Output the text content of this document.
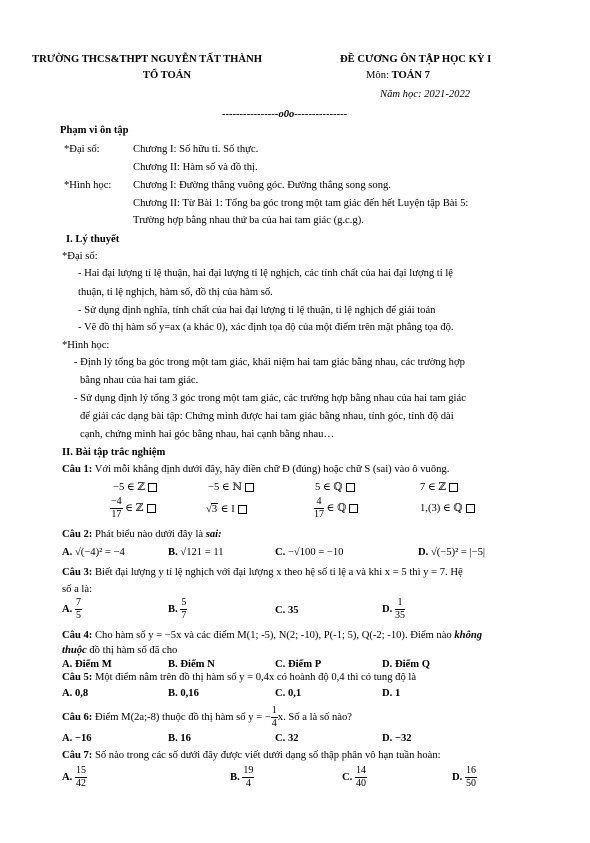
TRƯỜNG THCS&THPT NGUYỄN TẤT THÀNH
TỔ TOÁN
ĐỀ CƯƠNG ÔN TẬP HỌC KỲ I
Môn: TOÁN 7
Năm học: 2021-2022
----------------o0o---------------
Phạm vi ôn tập
*Đại số:	Chương I: Số hữu tỉ. Số thực.
Chương II: Hàm số và đồ thị.
*Hình học: Chương I: Đường thẳng vuông góc. Đường thẳng song song.
Chương II: Từ Bài 1: Tổng ba góc trong một tam giác đến hết Luyện tập Bài 5:
Trường hợp bằng nhau thứ ba của hai tam giác (g.c.g).
I. Lý thuyết
*Đại số:
- Hai đại lượng tỉ lệ thuận, hai đại lượng tỉ lệ nghịch, các tính chất của hai đại lượng tỉ lệ
thuận, tỉ lệ nghịch, hàm số, đồ thị của hàm số.
- Sử dụng định nghĩa, tính chất của hai đại lượng tỉ lệ thuận, tỉ lệ nghịch để giải toán
- Vẽ đồ thị hàm số y=ax (a khác 0), xác định tọa độ của một điểm trên mặt phẳng tọa độ.
*Hình học:
- Định lý tổng ba góc trong một tam giác, khái niệm hai tam giác bằng nhau, các trường hợp
bằng nhau của hai tam giác.
- Sử dụng định lý tổng 3 góc trong một tam giác, các trường hợp bằng nhau của hai tam giác
để giải các dạng bài tập: Chứng minh được hai tam giác bằng nhau, tính góc, tính độ dài
cạnh, chứng minh hai góc bằng nhau, hai cạnh bằng nhau…
II. Bài tập trắc nghiệm
Câu 1: Với mỗi khẳng định dưới đây, hãy điền chữ Đ (đúng) hoặc chữ S (sai) vào ô vuông.
−5 ∈ ℤ	−5 ∈ ℕ	5 ∈ ℚ	7 ∈ ℤ
$\frac{-4}{17}$ ∈ ℤ	√3 ∈ I	$\frac{4}{17}$ ∈ ℚ	1,(3) ∈ ℚ
Câu 2: Phát biểu nào dưới đây là sai:
A. √(−4)² = −4	B. √121 = 11	C. −√100 = −10	D. √(−5)² = |−5|
Câu 3: Biết đại lượng y tỉ lệ nghịch với đại lượng x theo hệ số tỉ lệ a và khi x = 5 thì y = 7. Hệ
số a là:
A. $\frac{7}{5}$	B. $\frac{5}{7}$	C. 35	D. $\frac{1}{35}$
Câu 4: Cho hàm số y = −5x và các điểm M(1; -5), N(2; -10), P(-1; 5), Q(-2; -10). Điểm nào không
thuộc đồ thị hàm số đã cho
A. Điểm M	B. Điểm N	C. Điểm P	D. Điểm Q
Câu 5: Một điểm nằm trên đồ thị hàm số y = 0,4x có hoành độ 0,4 thì có tung độ là
A. 0,8	B. 0,16	C. 0,1	D. 1
Câu 6: Điểm M(2a;-8) thuộc đồ thị hàm số y = − $\frac{1}{4} x$. Số a là số nào?
A. −16	B. 16	C. 32	D. −32
Câu 7: Số nào trong các số dưới đây được viết dưới dạng số thập phân vô hạn tuần hoàn:
A. $\frac{15}{42}$	B. $\frac{19}{4}$	C. $\frac{14}{40}$	D. $\frac{16}{50}$
